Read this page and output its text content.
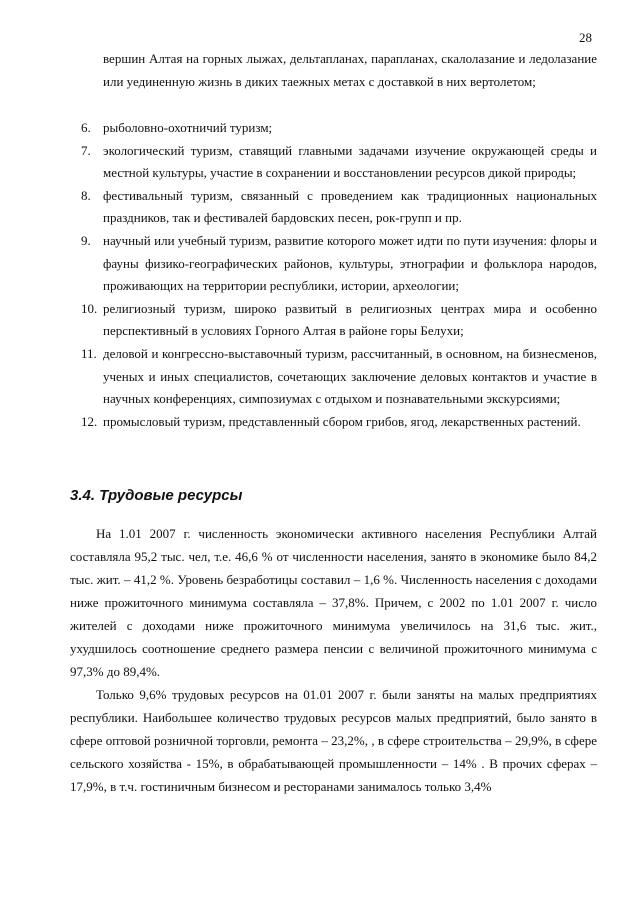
28
вершин Алтая на горных лыжах, дельтапланах, парапланах, скалолазание и ледолазание или уединенную жизнь в диких таежных метах с доставкой в них вертолетом;
6. рыболовно-охотничий туризм;
7. экологический туризм, ставящий главными задачами изучение окружающей среды и местной культуры, участие в сохранении и восстановлении ресурсов дикой природы;
8. фестивальный туризм, связанный с проведением как традиционных национальных праздников, так и фестивалей бардовских песен, рок-групп и пр.
9. научный или учебный туризм, развитие которого может идти по пути изучения: флоры и фауны физико-географических районов, культуры, этнографии и фольклора народов, проживающих на территории республики, истории, археологии;
10. религиозный туризм, широко развитый в религиозных центрах мира и особенно перспективный в условиях Горного Алтая в районе горы Белухи;
11. деловой и конгрессно-выставочный туризм, рассчитанный, в основном, на бизнесменов, ученых и иных специалистов, сочетающих заключение деловых контактов и участие в научных конференциях, симпозиумах с отдыхом и познавательными экскурсиями;
12. промысловый туризм, представленный сбором грибов, ягод, лекарственных растений.
3.4. Трудовые ресурсы

На 1.01 2007 г. численность экономически активного населения Республики Алтай составляла 95,2 тыс. чел, т.е. 46,6 % от численности населения, занято в экономике было 84,2 тыс. жит. – 41,2 %. Уровень безработицы составил – 1,6 %. Численность населения с доходами ниже прожиточного минимума составляла – 37,8%. Причем, с 2002 по 1.01 2007 г. число жителей с доходами ниже прожиточного минимума увеличилось на 31,6 тыс. жит., ухудшилось соотношение среднего размера пенсии с величиной прожиточного минимума с 97,3% до 89,4%.

Только 9,6% трудовых ресурсов на 01.01 2007 г. были заняты на малых предприятиях республики. Наибольшее количество трудовых ресурсов малых предприятий, было занято в сфере оптовой розничной торговли, ремонта – 23,2%, , в сфере строительства – 29,9%, в сфере сельского хозяйства - 15%, в обрабатывающей промышленности – 14% . В прочих сферах – 17,9%, в т.ч. гостиничным бизнесом и ресторанами занималось только 3,4%
